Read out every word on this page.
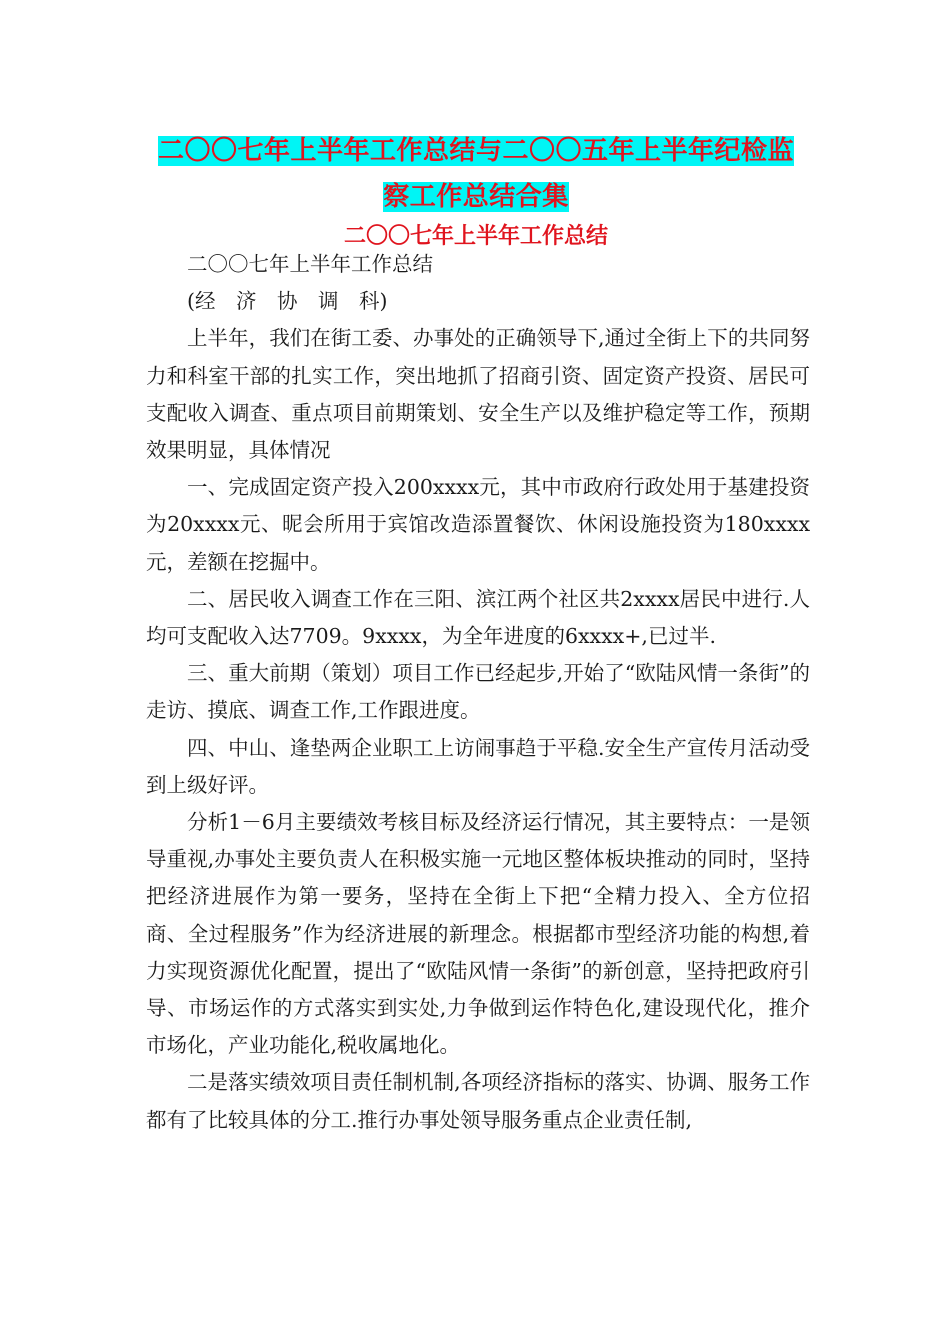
二〇〇七年上半年工作总结与二〇〇五年上半年纪检监
察工作总结合集
二〇〇七年上半年工作总结

二〇〇七年上半年工作总结

(经　济　协　调　科)

上半年，我们在街工委、办事处的正确领导下,通过全街上下的共同努力和科室干部的扎实工作，突出地抓了招商引资、固定资产投资、居民可支配收入调查、重点项目前期策划、安全生产以及维护稳定等工作，预期效果明显，具体情况

一、完成固定资产投入200xxxx元，其中市政府行政处用于基建投资为20xxxx元、昵会所用于宾馆改造添置餐饮、休闲设施投资为180xxxx元，差额在挖掘中。

二、居民收入调查工作在三阳、滨江两个社区共2xxxx居民中进行.人均可支配收入达7709。9xxxx，为全年进度的6xxxx+,已过半.

三、重大前期（策划）项目工作已经起步,开始了“欧陆风情一条街”的走访、摸底、调查工作,工作跟进度。

四、中山、逢垫两企业职工上访闹事趋于平稳.安全生产宣传月活动受到上级好评。

分析1－6月主要绩效考核目标及经济运行情况，其主要特点：一是领导重视,办事处主要负责人在积极实施一元地区整体板块推动的同时，坚持把经济进展作为第一要务，坚持在全街上下把“全精力投入、全方位招商、全过程服务”作为经济进展的新理念。根据都市型经济功能的构想,着力实现资源优化配置，提出了“欧陆风情一条街”的新创意，坚持把政府引导、市场运作的方式落实到实处,力争做到运作特色化,建设现代化，推介市场化，产业功能化,税收属地化。

二是落实绩效项目责任制机制,各项经济指标的落实、协调、服务工作都有了比较具体的分工.推行办事处领导服务重点企业责任制,
